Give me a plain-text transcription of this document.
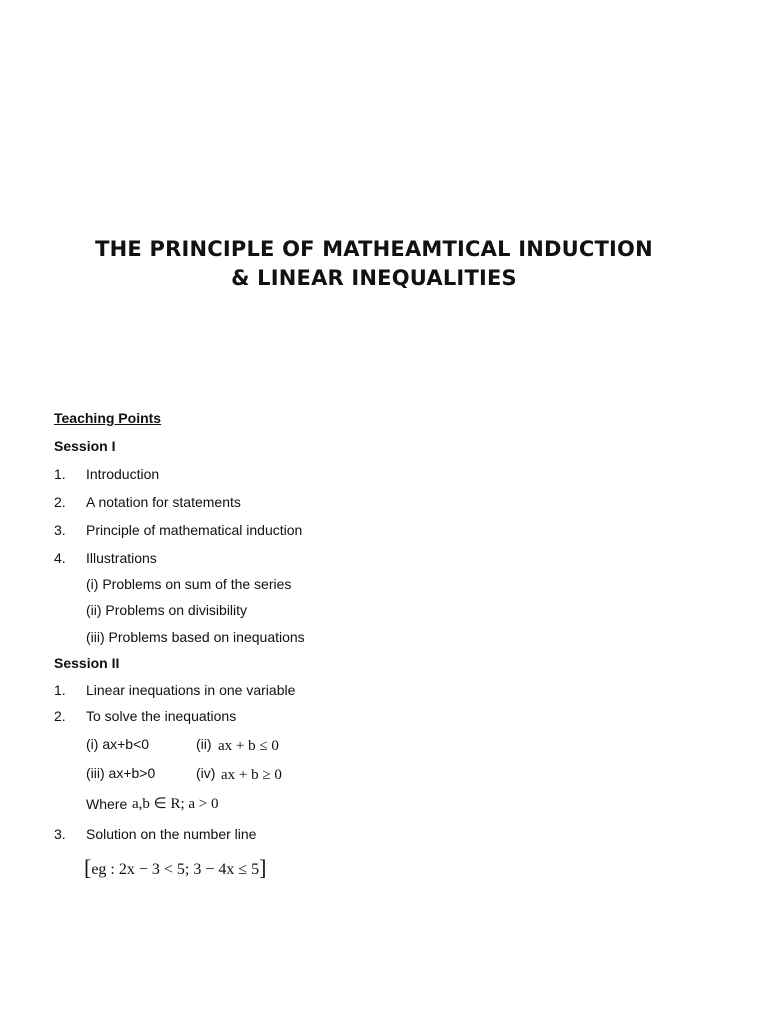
THE PRINCIPLE OF MATHEAMTICAL INDUCTION
& LINEAR INEQUALITIES
Teaching Points
Session I
1. Introduction
2. A notation for statements
3. Principle of mathematical induction
4. Illustrations
(i) Problems on sum of the series
(ii) Problems on divisibility
(iii) Problems based on inequations
Session II
1. Linear inequations in one variable
2. To solve the inequations
(i) ax+b<0	(ii) ax + b ≤ 0
(iii) ax+b>0	(iv) ax + b ≥ 0
Where a,b ∈ R; a > 0
3. Solution on the number line
[eg : 2x − 3 < 5; 3 − 4x ≤ 5]
